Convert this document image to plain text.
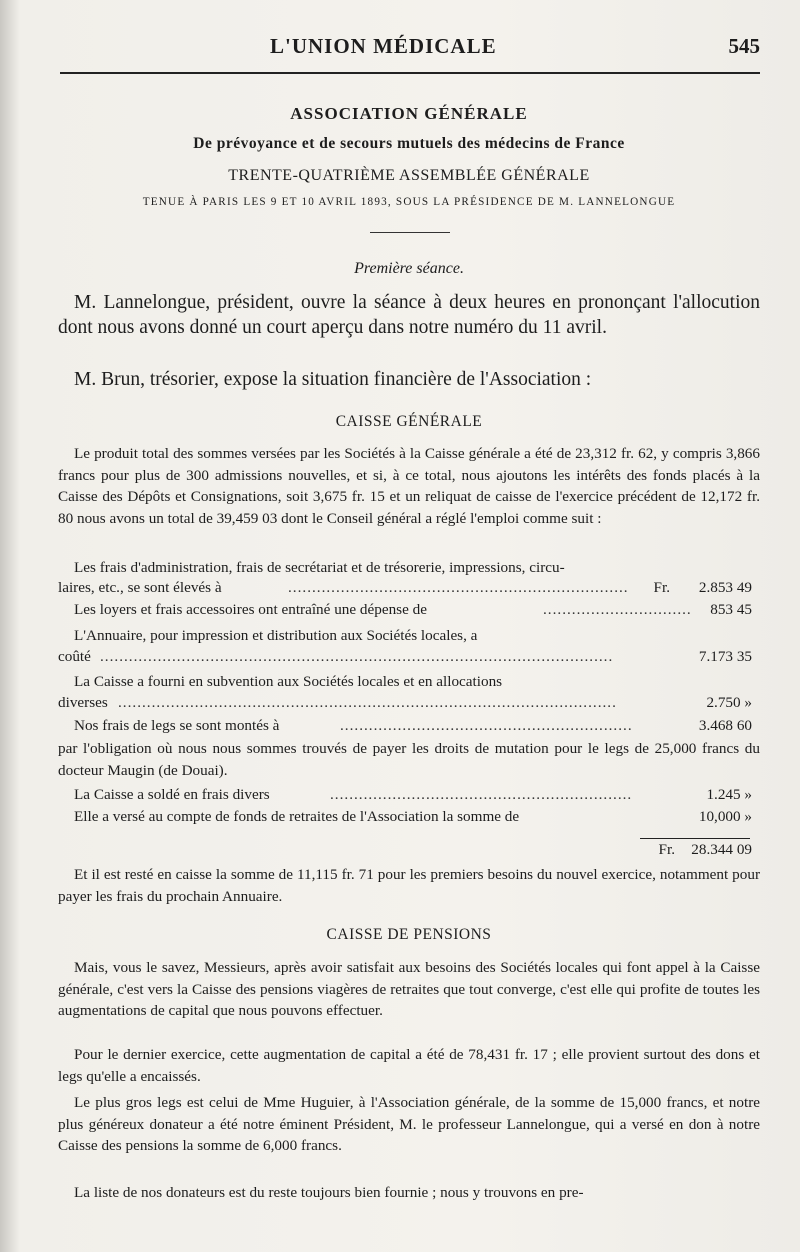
L'UNION MÉDICALE	545
ASSOCIATION GÉNÉRALE
De prévoyance et de secours mutuels des médecins de France
TRENTE-QUATRIÈME ASSEMBLÉE GÉNÉRALE
TENUE À PARIS LES 9 ET 10 AVRIL 1893, SOUS LA PRÉSIDENCE DE M. LANNELONGUE
Première séance.
M. Lannelongue, président, ouvre la séance à deux heures en prononçant l'allocution dont nous avons donné un court aperçu dans notre numéro du 11 avril.
M. Brun, trésorier, expose la situation financière de l'Association :
CAISSE GÉNÉRALE
Le produit total des sommes versées par les Sociétés à la Caisse générale a été de 23,312 fr. 62, y compris 3,866 francs pour plus de 300 admissions nouvelles, et si, à ce total, nous ajoutons les intérêts des fonds placés à la Caisse des Dépôts et Consignations, soit 3,675 fr. 15 et un reliquat de caisse de l'exercice précédent de 12,172 fr. 80 nous avons un total de 39,459 03 dont le Conseil général a réglé l'emploi comme suit :
Les frais d'administration, frais de secrétariat et de trésorerie, impressions, circu-
laires, etc., se sont élevés à	....................................................................... Fr. 2.853 49
Les loyers et frais accessoires ont entraîné une dépense de	............................... 853 45
L'Annuaire, pour impression et distribution aux Sociétés locales, a
coûté ...........................................................................................................	7.173 35
La Caisse a fourni en subvention aux Sociétés locales et en allocations
diverses ........................................................................................................	2.750 »
Nos frais de legs se sont montés à	.............................................................	3.468 60
par l'obligation où nous nous sommes trouvés de payer les droits de mutation pour le legs de 25,000 francs du docteur Maugin (de Douai).
La Caisse a soldé en frais divers	...............................................................	1.245 »
Elle a versé au compte de fonds de retraites de l'Association la somme de	10,000 »
Fr. 28.344 09
Et il est resté en caisse la somme de 11,115 fr. 71 pour les premiers besoins du nouvel exercice, notamment pour payer les frais du prochain Annuaire.
CAISSE DE PENSIONS
Mais, vous le savez, Messieurs, après avoir satisfait aux besoins des Sociétés locales qui font appel à la Caisse générale, c'est vers la Caisse des pensions viagères de retraites que tout converge, c'est elle qui profite de toutes les augmentations de capital que nous pouvons effectuer.
Pour le dernier exercice, cette augmentation de capital a été de 78,431 fr. 17 ; elle provient surtout des dons et legs qu'elle a encaissés.
Le plus gros legs est celui de Mme Huguier, à l'Association générale, de la somme de 15,000 francs, et notre plus généreux donateur a été notre éminent Président, M. le professeur Lannelongue, qui a versé en don à notre Caisse des pensions la somme de 6,000 francs.
La liste de nos donateurs est du reste toujours bien fournie ; nous y trouvons en pre-
